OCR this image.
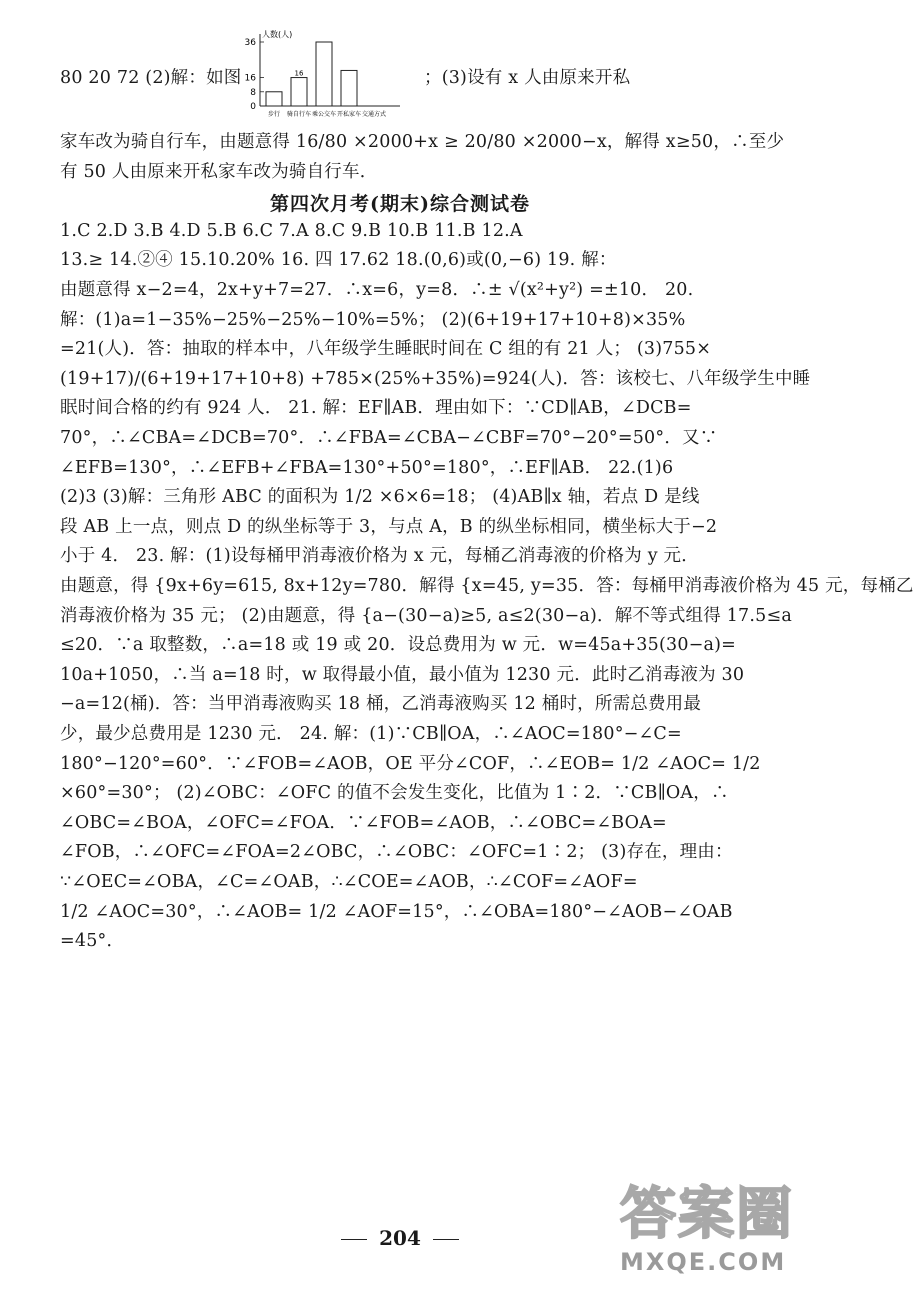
80 20 72 (2)解：如图	；(3)设有 x 人由原来开私
人数(人)
36
16
8
0
16
步行 骑自行车 乘公交车 开私家车 交通方式
家车改为骑自行车，由题意得 16/80 ×2000+x ≥ 20/80 ×2000−x，解得 x≥50，∴至少
有 50 人由原来开私家车改为骑自行车．
第四次月考(期末)综合测试卷
1.C 2.D 3.B 4.D 5.B 6.C 7.A 8.C 9.B 10.B 11.B 12.A
13.≥ 14.②④ 15.10.20% 16. 四 17.62 18.(0,6)或(0,−6) 19. 解：
由题意得 x−2=4，2x+y+7=27．∴x=6，y=8．∴± √(x²+y²) =±10． 20.
解：(1)a=1−35%−25%−25%−10%=5%； (2)(6+19+17+10+8)×35%
=21(人)．答：抽取的样本中，八年级学生睡眠时间在 C 组的有 21 人； (3)755×
(19+17)/(6+19+17+10+8) +785×(25%+35%)=924(人)．答：该校七、八年级学生中睡
眠时间合格的约有 924 人． 21. 解：EF∥AB．理由如下：∵CD∥AB，∠DCB=
70°，∴∠CBA=∠DCB=70°．∴∠FBA=∠CBA−∠CBF=70°−20°=50°．又∵
∠EFB=130°，∴∠EFB+∠FBA=130°+50°=180°，∴EF∥AB． 22.(1)6
(2)3 (3)解：三角形 ABC 的面积为 1/2 ×6×6=18； (4)AB∥x 轴，若点 D 是线
段 AB 上一点，则点 D 的纵坐标等于 3，与点 A，B 的纵坐标相同，横坐标大于−2
小于 4． 23. 解：(1)设每桶甲消毒液价格为 x 元，每桶乙消毒液的价格为 y 元．
由题意，得 {9x+6y=615, 8x+12y=780．解得 {x=45, y=35．答：每桶甲消毒液价格为 45 元，每桶乙
消毒液价格为 35 元； (2)由题意，得 {a−(30−a)≥5, a≤2(30−a)．解不等式组得 17.5≤a
≤20．∵a 取整数，∴a=18 或 19 或 20．设总费用为 w 元．w=45a+35(30−a)=
10a+1050，∴当 a=18 时，w 取得最小值，最小值为 1230 元．此时乙消毒液为 30
−a=12(桶)．答：当甲消毒液购买 18 桶，乙消毒液购买 12 桶时，所需总费用最
少，最少总费用是 1230 元． 24. 解：(1)∵CB∥OA，∴∠AOC=180°−∠C=
180°−120°=60°．∵∠FOB=∠AOB，OE 平分∠COF，∴∠EOB= 1/2 ∠AOC= 1/2
×60°=30°； (2)∠OBC：∠OFC 的值不会发生变化，比值为 1∶2．∵CB∥OA，∴
∠OBC=∠BOA，∠OFC=∠FOA．∵∠FOB=∠AOB，∴∠OBC=∠BOA=
∠FOB，∴∠OFC=∠FOA=2∠OBC，∴∠OBC：∠OFC=1∶2； (3)存在，理由：
∵∠OEC=∠OBA，∠C=∠OAB，∴∠COE=∠AOB，∴∠COF=∠AOF=
1/2 ∠AOC=30°，∴∠AOB= 1/2 ∠AOF=15°，∴∠OBA=180°−∠AOB−∠OAB
=45°．
204	答案圈
MXQE.COM
